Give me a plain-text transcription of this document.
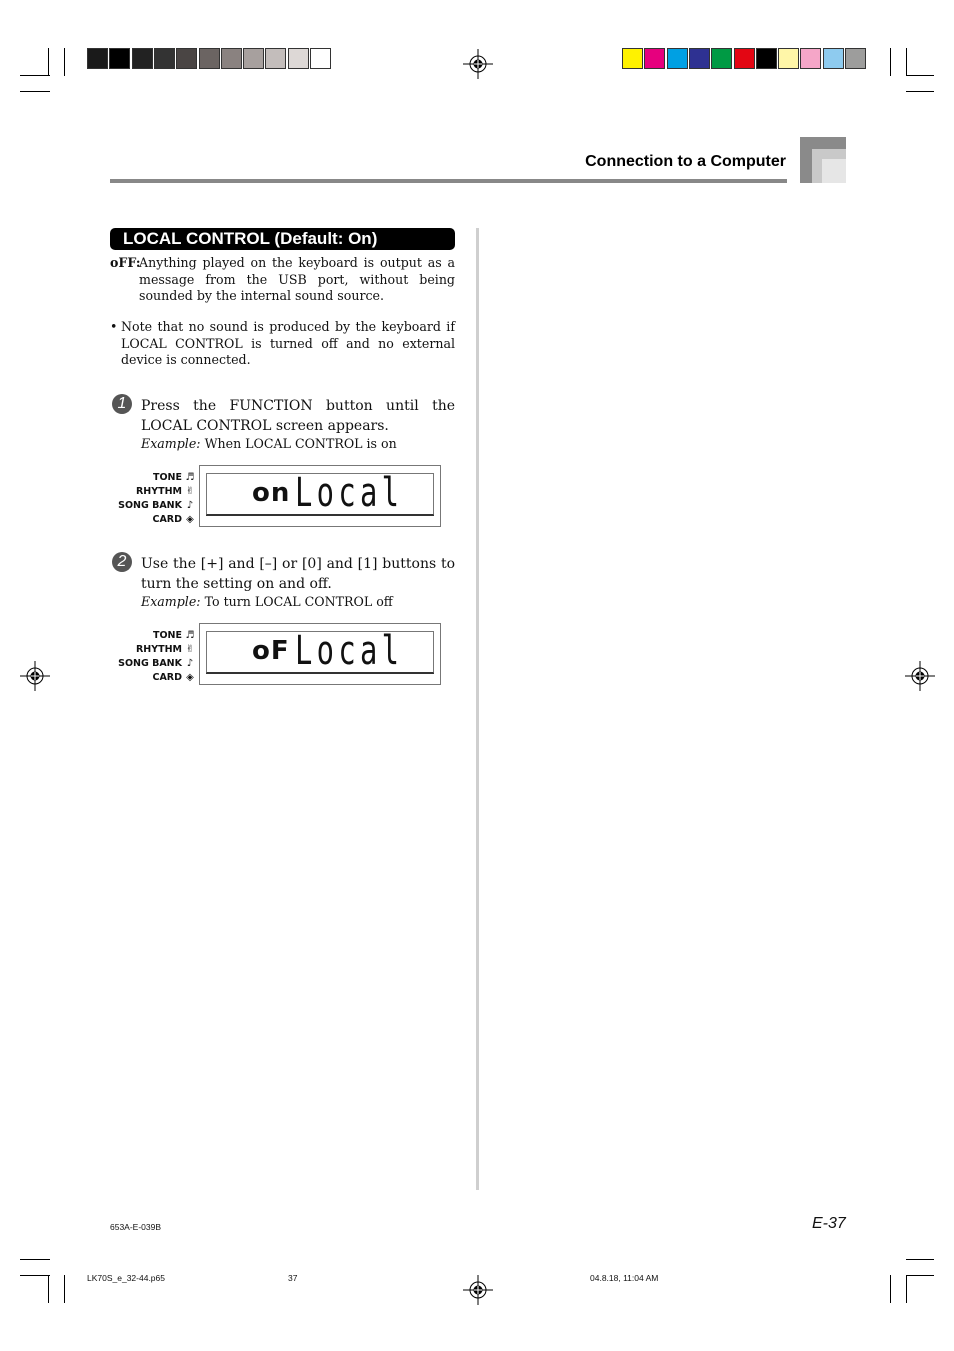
Connection to a Computer
LOCAL CONTROL (Default: On)
oFF:
Anything played on the keyboard is output as a message from the USB port, without being sounded by the internal sound source.
• Note that no sound is produced by the keyboard if LOCAL CONTROL is turned off and no external device is connected.
1	Press the FUNCTION button until the LOCAL CONTROL screen appears.
Example: When LOCAL CONTROL is on
TONE ♬
RHYTHM ✌
SONG BANK ♪
CARD ◈
on Local
2	Use the [+] and [–] or [0] and [1] buttons to turn the setting on and off.
Example: To turn LOCAL CONTROL off
TONE ♬
RHYTHM ✌
SONG BANK ♪
CARD ◈
oF Local
653A-E-039B	E-37
LK70S_e_32-44.p65	37	04.8.18, 11:04 AM
